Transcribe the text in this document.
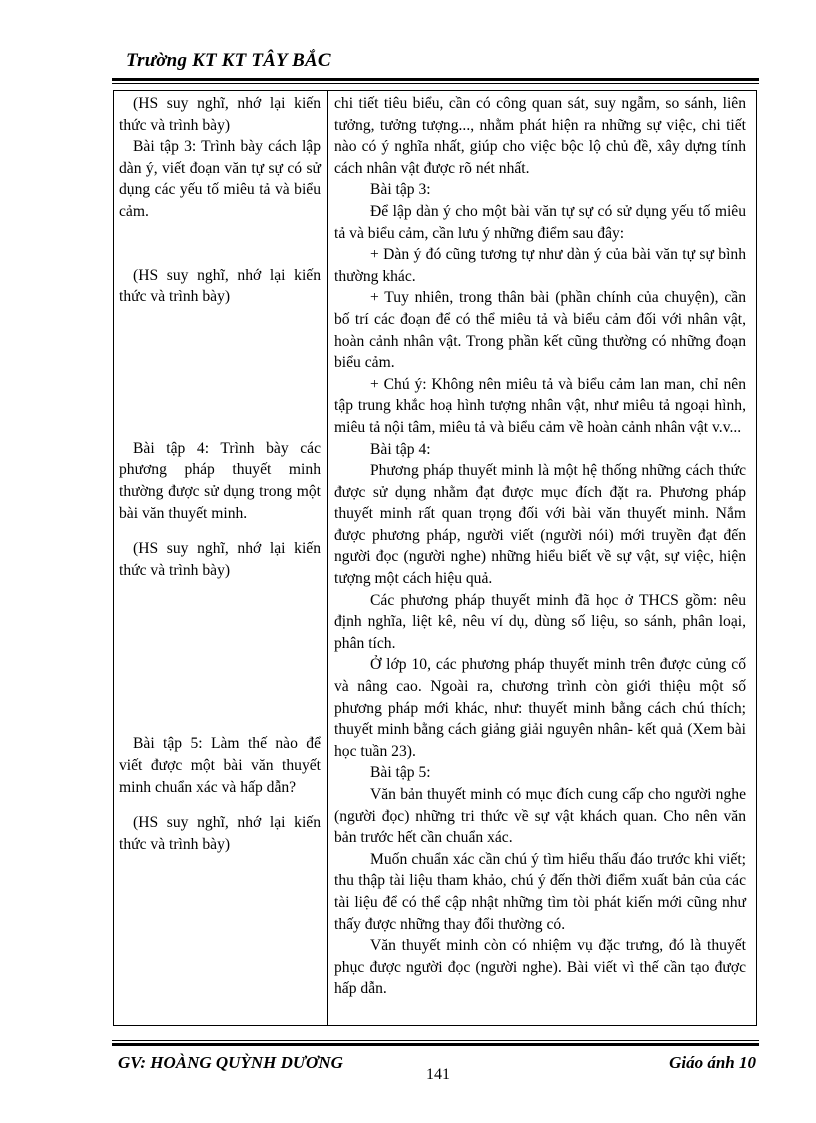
Trường KT KT TÂY BẮC

(HS suy nghĩ, nhớ lại kiến thức và trình bày)

Bài tập 3: Trình bày cách lập dàn ý, viết đoạn văn tự sự có sử dụng các yếu tố miêu tả và biểu cảm.

(HS suy nghĩ, nhớ lại kiến thức và trình bày)

Bài tập 4: Trình bày các phương pháp thuyết minh thường được sử dụng trong một bài văn thuyết minh.

(HS suy nghĩ, nhớ lại kiến thức và trình bày)

Bài tập 5: Làm thế nào để viết được một bài văn thuyết minh chuẩn xác và hấp dẫn?

(HS suy nghĩ, nhớ lại kiến thức và trình bày)

chi tiết tiêu biểu, cần có công quan sát, suy ngẫm, so sánh, liên tưởng, tưởng tượng..., nhằm phát hiện ra những sự việc, chi tiết nào có ý nghĩa nhất, giúp cho việc bộc lộ chủ đề, xây dựng tính cách nhân vật được rõ nét nhất.

Bài tập 3:

Để lập dàn ý cho một bài văn tự sự có sử dụng yếu tố miêu tả và biểu cảm, cần lưu ý những điểm sau đây:

+ Dàn ý đó cũng tương tự như dàn ý của bài văn tự sự bình thường khác.

+ Tuy nhiên, trong thân bài (phần chính của chuyện), cần bố trí các đoạn để có thể miêu tả và biểu cảm đối với nhân vật, hoàn cảnh nhân vật. Trong phần kết cũng thường có những đoạn biểu cảm.

+ Chú ý: Không nên miêu tả và biểu cảm lan man, chỉ nên tập trung khắc hoạ hình tượng nhân vật, như miêu tả ngoại hình, miêu tả nội tâm, miêu tả và biểu cảm về hoàn cảnh nhân vật v.v...

Bài tập 4:

Phương pháp thuyết minh là một hệ thống những cách thức được sử dụng nhằm đạt được mục đích đặt ra. Phương pháp thuyết minh rất quan trọng đối với bài văn thuyết minh. Nắm được phương pháp, người viết (người nói) mới truyền đạt đến người đọc (người nghe) những hiểu biết về sự vật, sự việc, hiện tượng một cách hiệu quả.

Các phương pháp thuyết minh đã học ở THCS gồm: nêu định nghĩa, liệt kê, nêu ví dụ, dùng số liệu, so sánh, phân loại, phân tích.

Ở lớp 10, các phương pháp thuyết minh trên được củng cố và nâng cao. Ngoài ra, chương trình còn giới thiệu một số phương pháp mới khác, như: thuyết minh bằng cách chú thích; thuyết minh bằng cách giảng giải nguyên nhân- kết quả (Xem bài học tuần 23).

Bài tập 5:

Văn bản thuyết minh có mục đích cung cấp cho người nghe (người đọc) những tri thức về sự vật khách quan. Cho nên văn bản trước hết cần chuẩn xác.

Muốn chuẩn xác cần chú ý tìm hiểu thấu đáo trước khi viết; thu thập tài liệu tham khảo, chú ý đến thời điểm xuất bản của các tài liệu để có thể cập nhật những tìm tòi phát kiến mới cũng như thấy được những thay đổi thường có.

Văn thuyết minh còn có nhiệm vụ đặc trưng, đó là thuyết phục được người đọc (người nghe). Bài viết vì thế cần tạo được hấp dẫn.

GV: HOÀNG QUỲNH DƯƠNG
141
Giáo ánh 10
